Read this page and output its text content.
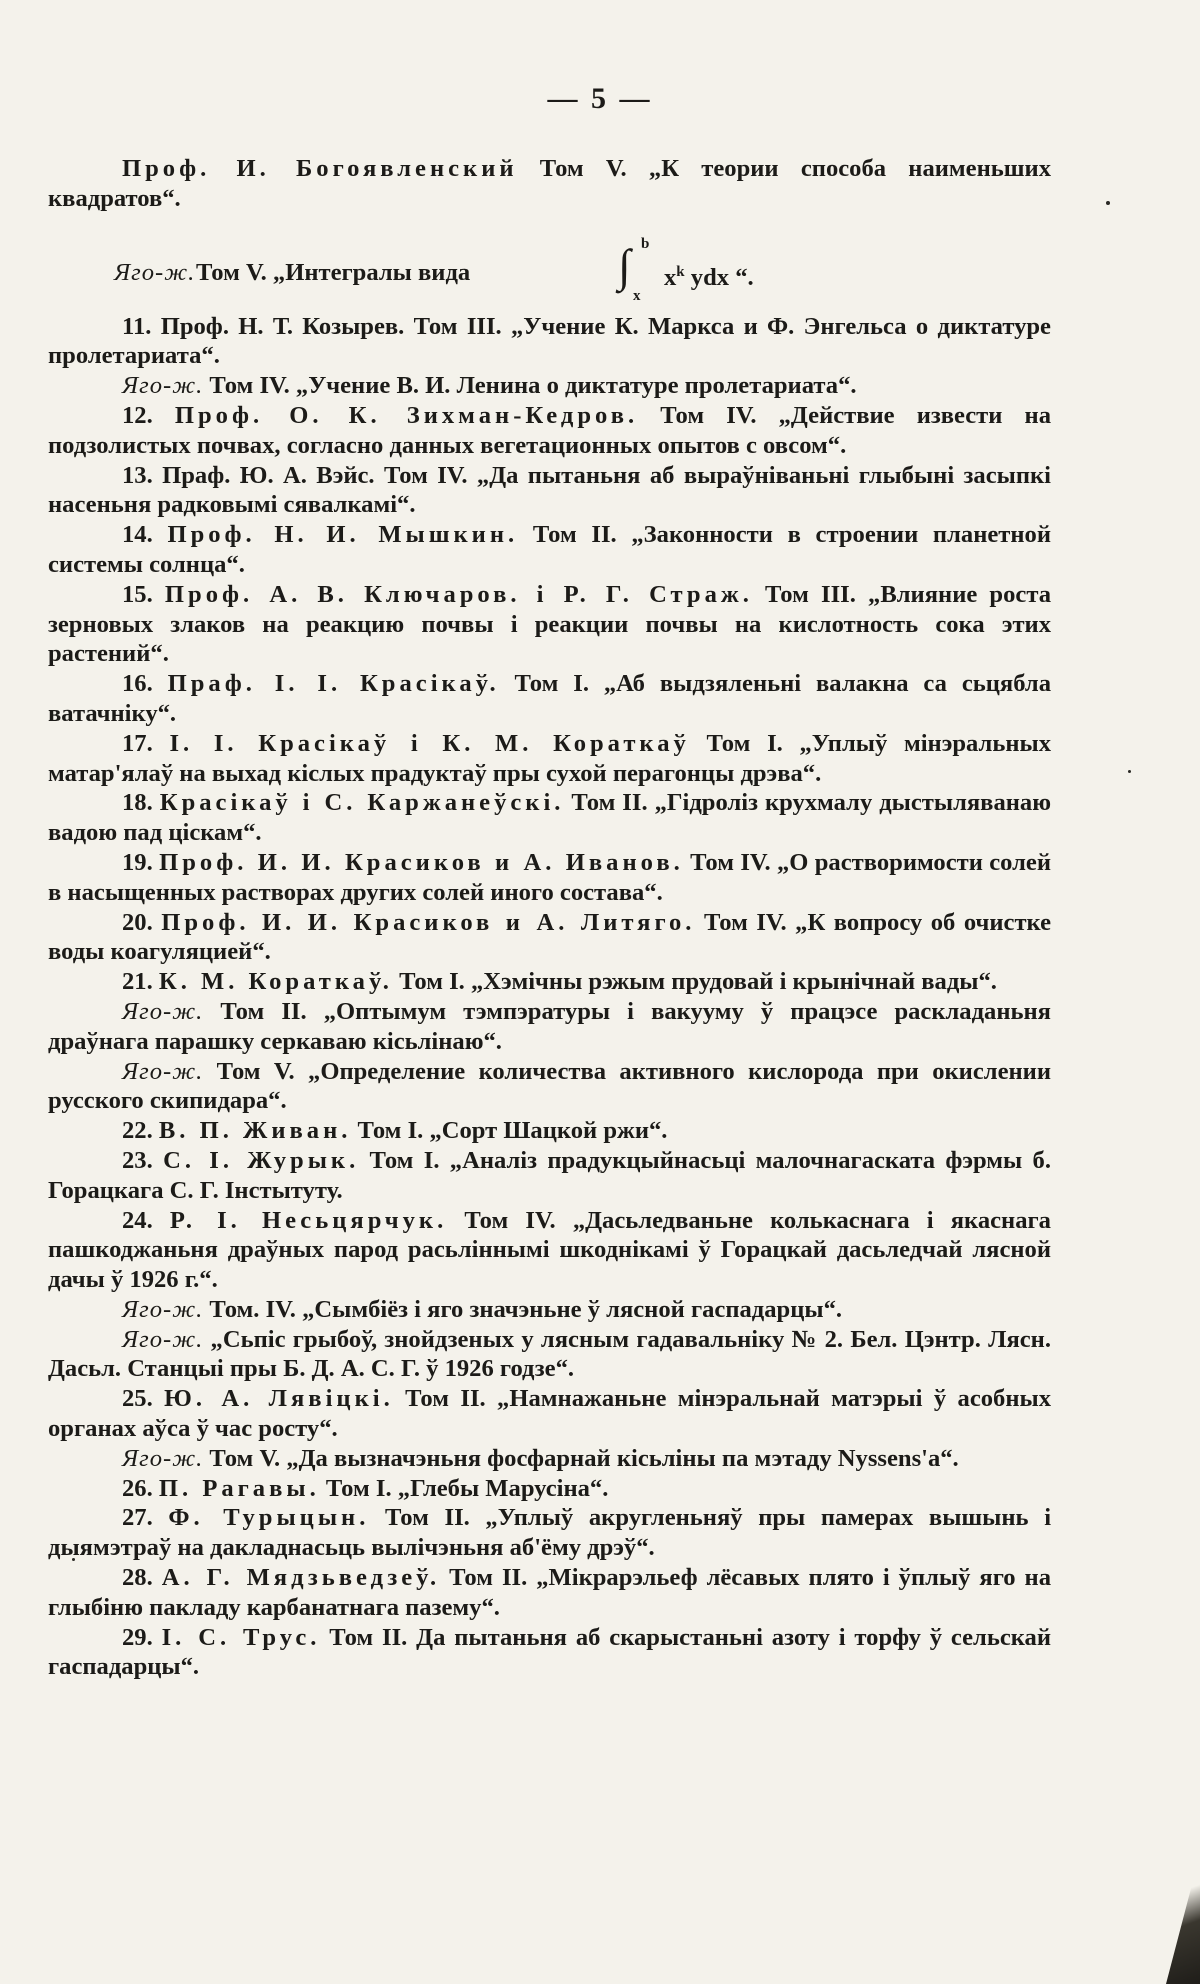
— 5 —

Проф. И. Богоявленский Том V. „К теории способа наименьших квадратов“.

Яго-ж. Том V. „Интегралы вида	∫ b
x
$x^k$ ydx “.

11. Проф. Н. Т. Козырев. Том III. „Учение К. Маркса и Ф. Энгельса о диктатуре пролетариата“.

Яго-ж. Том IV. „Учение В. И. Ленина о диктатуре пролетариата“.

12. Проф. О. К. Зихман-Кедров. Том IV. „Действие извести на подзолистых почвах, согласно данных вегетационных опытов с овсом“.

13. Праф. Ю. А. Вэйс. Том IV. „Да пытаньня аб выраўніваньні глыбыні засыпкі насеньня радковымі сявалкамі“.

14. Проф. Н. И. Мышкин. Том II. „Законности в строении планетной системы солнца“.

15. Проф. А. В. Ключаров. і Р. Г. Страж. Том III. „Влияние роста зерновых злаков на реакцию почвы і реакции почвы на кислотность сока этих растений“.

16. Праф. І. І. Красікаў. Том I. „Аб выдзяленьні валакна са сьцябла ватачніку“.

17. І. І. Красікаў і К. М. Кораткаў Том I. „Уплыў мінэральных матар'ялаў на выхад кіслых прадуктаў пры сухой перагонцы дрэва“.

18. Красікаў і С. Каржанеўскі. Том II. „Гідроліз крухмалу дыстыляванаю вадою пад ціскам“.

19. Проф. И. И. Красиков и А. Иванов. Том IV. „О растворимости солей в насыщенных растворах других солей иного состава“.

20. Проф. И. И. Красиков и А. Литяго. Том IV. „К вопросу об очистке воды коагуляцией“.

21. К. М. Кораткаў. Том I. „Хэмічны рэжым прудовай і крынічнай вады“.

Яго-ж. Том II. „Оптымум тэмпэратуры і вакууму ў працэсе раскладаньня драўнага парашку серкаваю кісьлінаю“.

Яго-ж. Том V. „Определение количества активного кислорода при окислении русского скипидара“.

22. В. П. Живан. Том I. „Сорт Шацкой ржи“.

23. С. І. Журык. Том I. „Аналіз прадукцыйнасьці малочнагаската фэрмы б. Горацкага С. Г. Інстытуту.

24. Р. І. Несьцярчук. Том IV. „Дасьледваньне колькаснага і якаснага пашкоджаньня драўных парод расьлiннымі шкоднікамі ў Горацкай дасьледчай лясной дачы ў 1926 г.“.

Яго-ж. Том. IV. „Сымбіёз і яго значэньне ў лясной гаспадарцы“.

Яго-ж. „Сьпіс грыбоў, знойдзеных у лясным гадавальніку № 2. Бел. Цэнтр. Лясн. Дасьл. Станцыі пры Б. Д. А. С. Г. ў 1926 годзе“.

25. Ю. А. Лявіцкі. Том II. „Намнажаньне мінэральнай матэрыі ў асобных органах аўса ў час росту“.

Яго-ж. Том V. „Да вызначэньня фосфарнай кісьліны па мэтаду Nyssens'a“.

26. П. Рагавы. Том I. „Глебы Марусіна“.

27. Ф. Турыцын. Том II. „Уплыў акругленьняў пры памерах вышынь і дыямэтраў на дакладнасьць вылічэньня аб'ёму дрэў“.

28. А. Г. Мядзьведзеў. Том II. „Мікрарэльеф лёсавых плято і ўплыў яго на глыбіню пакладу карбанатнага пазему“.

29. І. С. Трус. Том II. Да пытаньня аб скарыстаньні азоту і торфу ў сельскай гаспадарцы“.
